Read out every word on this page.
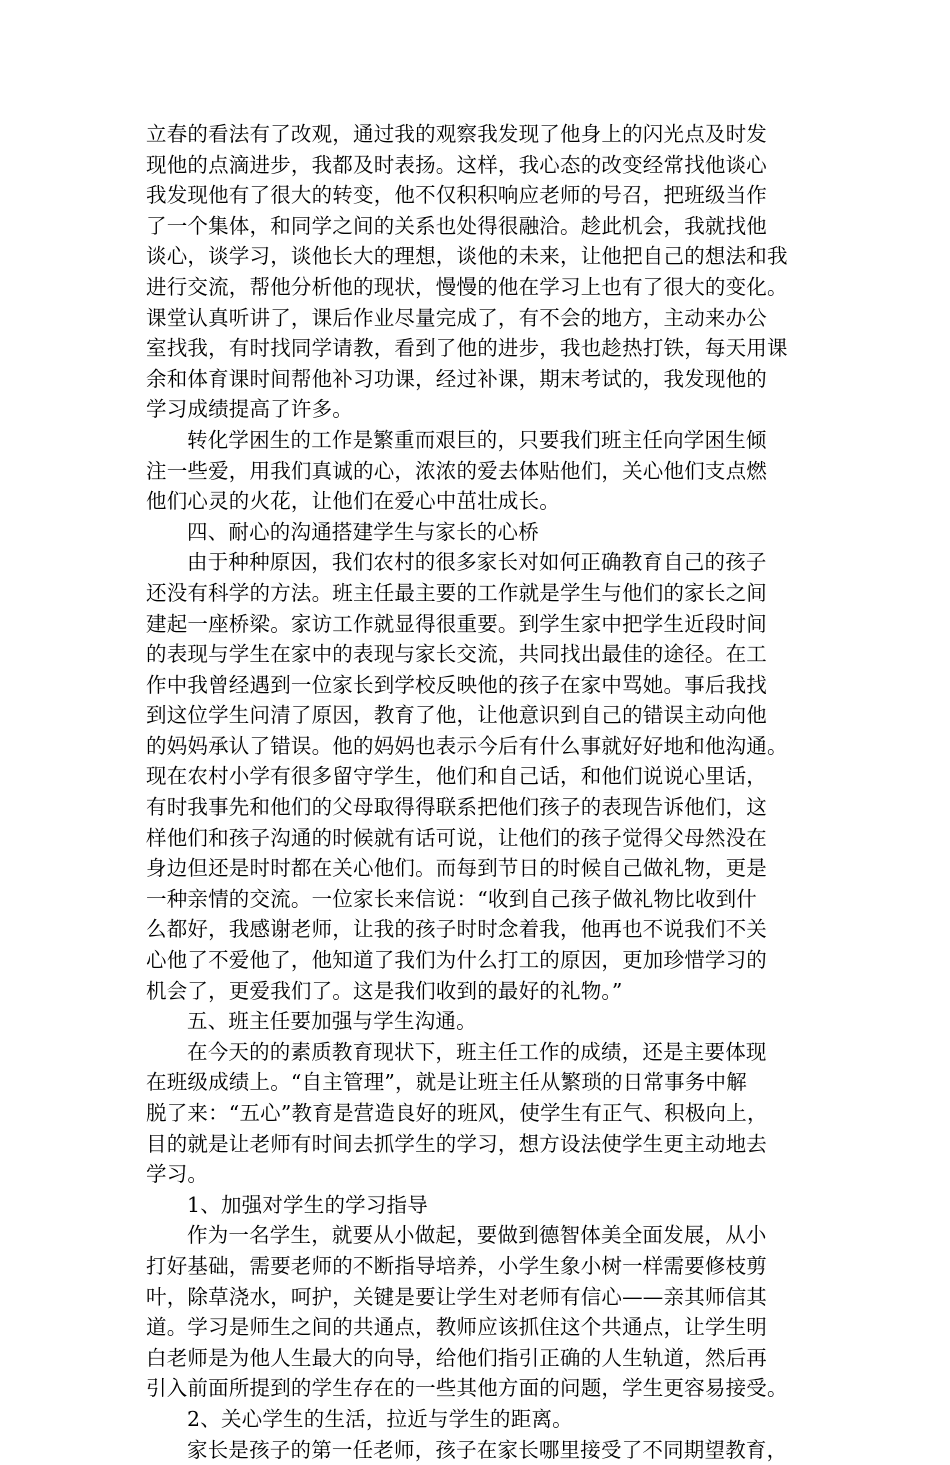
立春的看法有了改观，通过我的观察我发现了他身上的闪光点及时发
现他的点滴进步，我都及时表扬。这样，我心态的改变经常找他谈心
我发现他有了很大的转变，他不仅积积响应老师的号召，把班级当作
了一个集体，和同学之间的关系也处得很融洽。趁此机会，我就找他
谈心，谈学习，谈他长大的理想，谈他的未来，让他把自己的想法和我
进行交流，帮他分析他的现状，慢慢的他在学习上也有了很大的变化。
课堂认真听讲了，课后作业尽量完成了，有不会的地方，主动来办公
室找我，有时找同学请教，看到了他的进步，我也趁热打铁，每天用课
余和体育课时间帮他补习功课，经过补课，期末考试的，我发现他的
学习成绩提高了许多。
转化学困生的工作是繁重而艰巨的，只要我们班主任向学困生倾
注一些爱，用我们真诚的心，浓浓的爱去体贴他们，关心他们支点燃
他们心灵的火花，让他们在爱心中茁壮成长。
四、耐心的沟通搭建学生与家长的心桥
由于种种原因，我们农村的很多家长对如何正确教育自己的孩子
还没有科学的方法。班主任最主要的工作就是学生与他们的家长之间
建起一座桥梁。家访工作就显得很重要。到学生家中把学生近段时间
的表现与学生在家中的表现与家长交流，共同找出最佳的途径。在工
作中我曾经遇到一位家长到学校反映他的孩子在家中骂她。事后我找
到这位学生问清了原因，教育了他，让他意识到自己的错误主动向他
的妈妈承认了错误。他的妈妈也表示今后有什么事就好好地和他沟通。
现在农村小学有很多留守学生，他们和自己话，和他们说说心里话，
有时我事先和他们的父母取得得联系把他们孩子的表现告诉他们，这
样他们和孩子沟通的时候就有话可说，让他们的孩子觉得父母然没在
身边但还是时时都在关心他们。而每到节日的时候自己做礼物，更是
一种亲情的交流。一位家长来信说：“收到自己孩子做礼物比收到什
么都好，我感谢老师，让我的孩子时时念着我，他再也不说我们不关
心他了不爱他了，他知道了我们为什么打工的原因，更加珍惜学习的
机会了，更爱我们了。这是我们收到的最好的礼物。”
五、班主任要加强与学生沟通。
在今天的的素质教育现状下，班主任工作的成绩，还是主要体现
在班级成绩上。“自主管理”，就是让班主任从繁琐的日常事务中解
脱了来：“五心”教育是营造良好的班风，使学生有正气、积极向上，
目的就是让老师有时间去抓学生的学习，想方设法使学生更主动地去
学习。
1、加强对学生的学习指导
作为一名学生，就要从小做起，要做到德智体美全面发展，从小
打好基础，需要老师的不断指导培养，小学生象小树一样需要修枝剪
叶，除草浇水，呵护，关键是要让学生对老师有信心——亲其师信其
道。学习是师生之间的共通点，教师应该抓住这个共通点，让学生明
白老师是为他人生最大的向导，给他们指引正确的人生轨道，然后再
引入前面所提到的学生存在的一些其他方面的问题，学生更容易接受。
2、关心学生的生活，拉近与学生的距离。
家长是孩子的第一任老师，孩子在家长哪里接受了不同期望教育，
